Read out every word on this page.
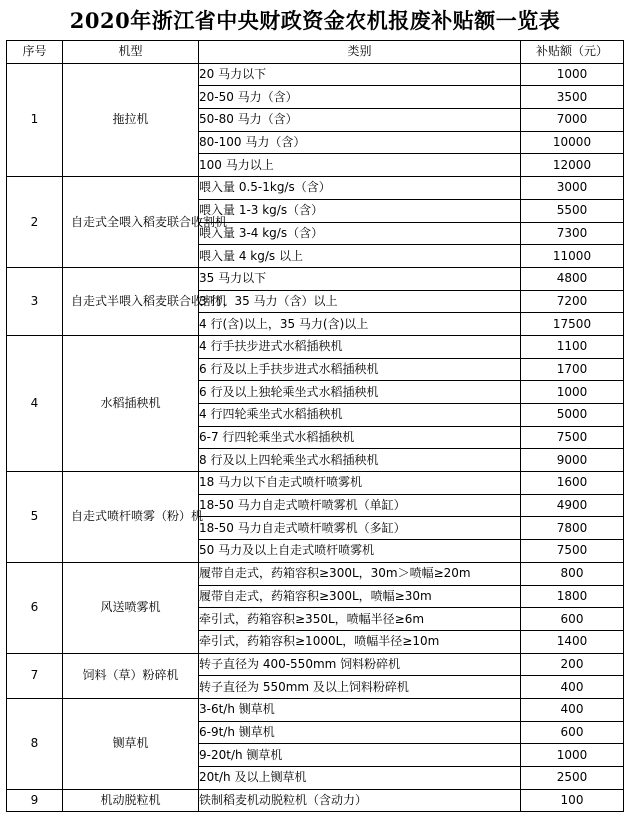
2020年浙江省中央财政资金农机报废补贴额一览表
序号	机型	类别	补贴额（元）
1	拖拉机	20 马力以下	1000
		20-50 马力（含）	3500
		50-80 马力（含）	7000
		80-100 马力（含）	10000
		100 马力以上	12000
2	自走式全喂入稻麦联合收割机	喂入量 0.5-1kg/s（含）	3000
		喂入量 1-3 kg/s（含）	5500
		喂入量 3-4 kg/s（含）	7300
		喂入量 4 kg/s 以上	11000
3	自走式半喂入稻麦联合收割机	35 马力以下	4800
		3 行，35 马力（含）以上	7200
		4 行(含)以上，35 马力(含)以上	17500
4	水稻插秧机	4 行手扶步进式水稻插秧机	1100
		6 行及以上手扶步进式水稻插秧机	1700
		6 行及以上独轮乘坐式水稻插秧机	1000
		4 行四轮乘坐式水稻插秧机	5000
		6-7 行四轮乘坐式水稻插秧机	7500
		8 行及以上四轮乘坐式水稻插秧机	9000
5	自走式喷杆喷雾（粉）机	18 马力以下自走式喷杆喷雾机	1600
		18-50 马力自走式喷杆喷雾机（单缸）	4900
		18-50 马力自走式喷杆喷雾机（多缸）	7800
		50 马力及以上自走式喷杆喷雾机	7500
6	风送喷雾机	履带自走式，药箱容积≥300L，30m＞喷幅≥20m	800
		履带自走式，药箱容积≥300L，喷幅≥30m	1800
		牵引式，药箱容积≥350L，喷幅半径≥6m	600
		牵引式，药箱容积≥1000L，喷幅半径≥10m	1400
7	饲料（草）粉碎机	转子直径为 400-550mm 饲料粉碎机	200
		转子直径为 550mm 及以上饲料粉碎机	400
8	铡草机	3-6t/h 铡草机	400
		6-9t/h 铡草机	600
		9-20t/h 铡草机	1000
		20t/h 及以上铡草机	2500
9	机动脱粒机	铁制稻麦机动脱粒机（含动力）	100
